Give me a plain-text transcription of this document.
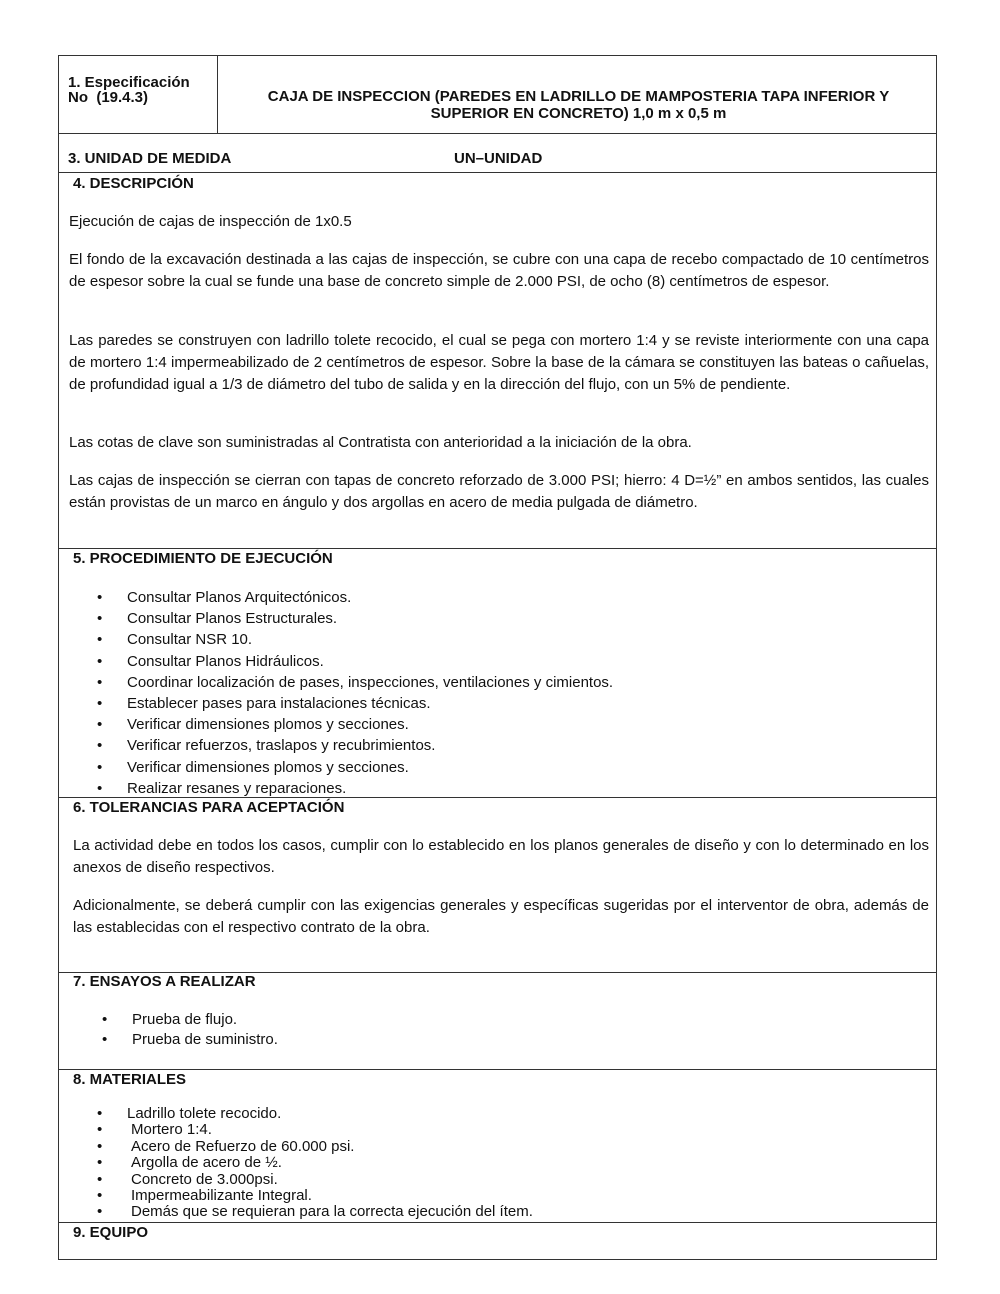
1. Especificación
No  (19.4.3)	CAJA DE INSPECCION (PAREDES EN LADRILLO DE MAMPOSTERIA TAPA INFERIOR Y
SUPERIOR EN CONCRETO) 1,0 m x 0,5 m
3. UNIDAD DE MEDIDA	UN–UNIDAD
4. DESCRIPCIÓN

Ejecución de cajas de inspección de 1x0.5

El fondo de la excavación destinada a las cajas de inspección, se cubre con una capa de recebo compactado de 10 centímetros de espesor sobre la cual se funde una base de concreto simple de 2.000 PSI, de ocho (8) centímetros de espesor.

Las paredes se construyen con ladrillo tolete recocido, el cual se pega con mortero 1:4 y se reviste interiormente con una capa de mortero 1:4 impermeabilizado de 2 centímetros de espesor. Sobre la base de la cámara se constituyen las bateas o cañuelas, de profundidad igual a 1/3 de diámetro del tubo de salida y en la dirección del flujo, con un 5% de pendiente.

Las cotas de clave son suministradas al Contratista con anterioridad a la iniciación de la obra.

Las cajas de inspección se cierran con tapas de concreto reforzado de 3.000 PSI; hierro: 4 D=½” en ambos sentidos, las cuales están provistas de un marco en ángulo y dos argollas en acero de media pulgada de diámetro.

5. PROCEDIMIENTO DE EJECUCIÓN
• Consultar Planos Arquitectónicos.
• Consultar Planos Estructurales.
• Consultar NSR 10.
• Consultar Planos Hidráulicos.
• Coordinar localización de pases, inspecciones, ventilaciones y cimientos.
• Establecer pases para instalaciones técnicas.
• Verificar dimensiones plomos y secciones.
• Verificar refuerzos, traslapos y recubrimientos.
• Verificar dimensiones plomos y secciones.
• Realizar resanes y reparaciones.
6. TOLERANCIAS PARA ACEPTACIÓN

La actividad debe en todos los casos, cumplir con lo establecido en los planos generales de diseño y con lo determinado en los anexos de diseño respectivos.

Adicionalmente, se deberá cumplir con las exigencias generales y específicas sugeridas por el interventor de obra, además de las establecidas con el respectivo contrato de la obra.

7. ENSAYOS A REALIZAR
• Prueba de flujo.
• Prueba de suministro.
8. MATERIALES
• Ladrillo tolete recocido.
• Mortero 1:4.
• Acero de Refuerzo de 60.000 psi.
• Argolla de acero de ½.
• Concreto de 3.000psi.
• Impermeabilizante Integral.
• Demás que se requieran para la correcta ejecución del ítem.
9. EQUIPO
